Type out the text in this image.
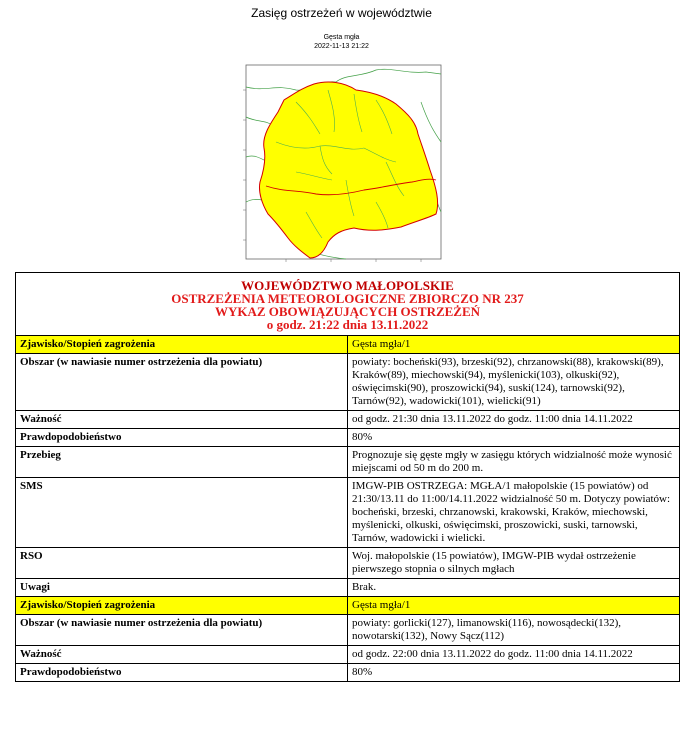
Zasięg ostrzeżeń w województwie
Gęsta mgła
2022-11-13 21:22
WOJEWÓDZTWO MAŁOPOLSKIE
OSTRZEŻENIA METEOROLOGICZNE ZBIORCZO NR 237
WYKAZ OBOWIĄZUJĄCYCH OSTRZEŻEŃ
o godz. 21:22 dnia 13.11.2022	

Zjawisko/Stopień zagrożenia	Gęsta mgła/1
Obszar (w nawiasie numer ostrzeżenia dla powiatu)	powiaty: bocheński(93), brzeski(92), chrzanowski(88), krakowski(89), Kraków(89), miechowski(94), myślenicki(103), olkuski(92), oświęcimski(90), proszowicki(94), suski(124), tarnowski(92), Tarnów(92), wadowicki(101), wielicki(91)
Ważność	od godz. 21:30 dnia 13.11.2022 do godz. 11:00 dnia 14.11.2022
Prawdopodobieństwo	80%
Przebieg	Prognozuje się gęste mgły w zasięgu których widzialność może wynosić miejscami od 50 m do 200 m.
SMS	IMGW-PIB OSTRZEGA: MGŁA/1 małopolskie (15 powiatów) od 21:30/13.11 do 11:00/14.11.2022 widzialność 50 m. Dotyczy powiatów: bocheński, brzeski, chrzanowski, krakowski, Kraków, miechowski, myślenicki, olkuski, oświęcimski, proszowicki, suski, tarnowski, Tarnów, wadowicki i wielicki.
RSO	Woj. małopolskie (15 powiatów), IMGW-PIB wydał ostrzeżenie pierwszego stopnia o silnych mgłach
Uwagi	Brak.
Zjawisko/Stopień zagrożenia	Gęsta mgła/1
Obszar (w nawiasie numer ostrzeżenia dla powiatu)	powiaty: gorlicki(127), limanowski(116), nowosądecki(132), nowotarski(132), Nowy Sącz(112)
Ważność	od godz. 22:00 dnia 13.11.2022 do godz. 11:00 dnia 14.11.2022
Prawdopodobieństwo	80%
